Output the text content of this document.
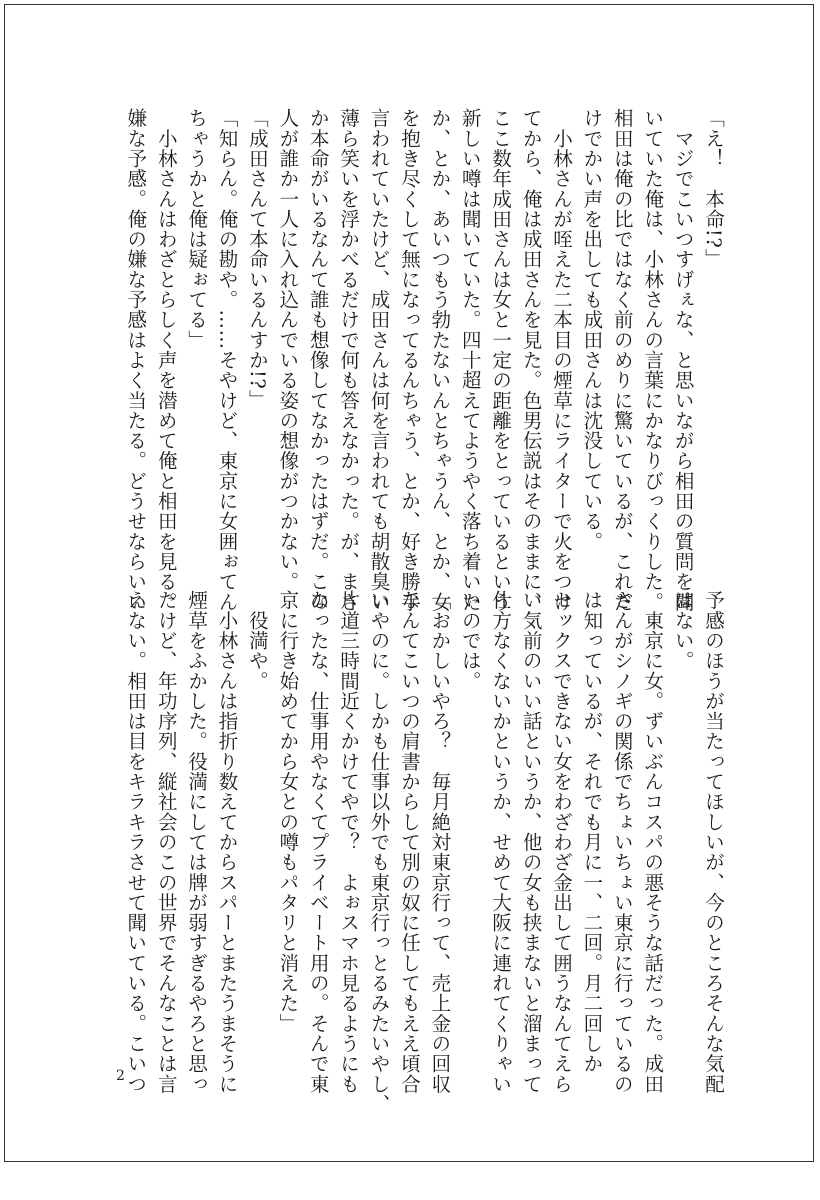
「え！　本命!?」

　マジでこいつすげぇな、と思いながら相田の質問を聞

いていた俺は、小林さんの言葉にかなりびっくりした。

相田は俺の比ではなく前のめりに驚いているが、これだ

けでかい声を出しても成田さんは沈没している。

　小林さんが咥えた二本目の煙草にライターで火をつけ

てから、俺は成田さんを見た。色男伝説はそのままに、

ここ数年成田さんは女と一定の距離をとっているという

新しい噂は聞いていた。四十超えてようやく落ち着いた

か、とか、あいつもう勃たないんとちゃうん、とか、女

を抱き尽くして無になってるんちゃう、とか、好き勝手

言われていたけど、成田さんは何を言われても胡散臭い

薄ら笑いを浮かべるだけで何も答えなかった。が、まさ

か本命がいるなんて誰も想像してなかったはずだ。この

人が誰か一人に入れ込んでいる姿の想像がつかない。

「成田さんて本命いるんすか!?」

「知らん。俺の勘や。……そやけど、東京に女囲ぉてん

ちゃうかと俺は疑ぉてる」

　小林さんはわざとらしく声を潜めて俺と相田を見る。

嫌な予感。俺の嫌な予感はよく当たる。どうせならいい

予感のほうが当たってほしいが、今のところそんな気配

はない。

　東京に女。ずいぶんコスパの悪そうな話だった。成田

さんがシノギの関係でちょいちょい東京に行っているの

は知っているが、それでも月に一、二回。月二回しか

セックスできない女をわざわざ金出して囲うなんてえら

い気前のいい話というか、他の女も挟まないと溜まって

仕方なくないかというか、せめて大阪に連れてくりゃい

いのでは。

「おかしいやろ？　毎月絶対東京行って、売上金の回収

なんてこいつの肩書からして別の奴に任してもええ頃合

いやのに。しかも仕事以外でも東京行っとるみたいやし、

片道三時間近くかけてやで？　よぉスマホ見るようにも

なったな、仕事用やなくてプライベート用の。そんで東

京に行き始めてから女との噂もパタリと消えた」

　役満や。

　小林さんは指折り数えてからスパーとまたうまそうに

煙草をふかした。役満にしては牌が弱すぎるやろと思っ

たけど、年功序列、縦社会のこの世界でそんなことは言

えない。相田は目をキラキラさせて聞いている。こいつ

2
